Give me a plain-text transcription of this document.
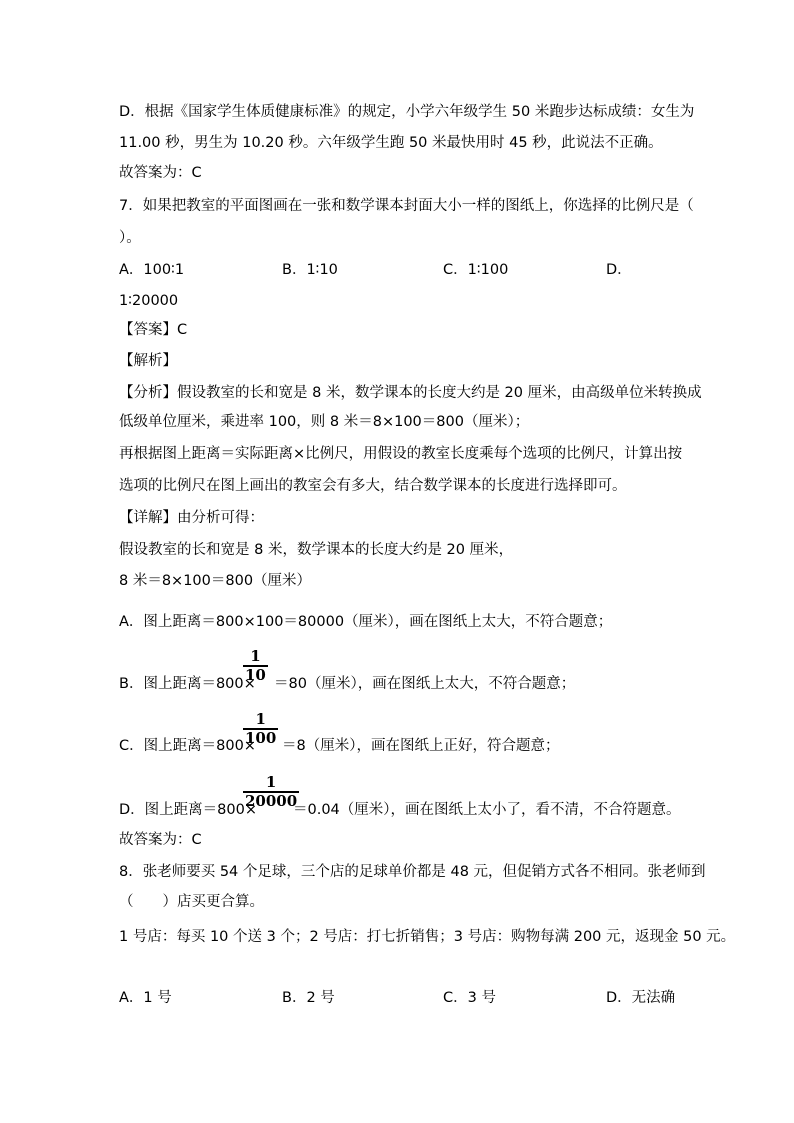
D．根据《国家学生体质健康标准》的规定，小学六年级学生 50 米跑步达标成绩：女生为
11.00 秒，男生为 10.20 秒。六年级学生跑 50 米最快用时 45 秒，此说法不正确。
故答案为：C
7．如果把教室的平面图画在一张和数学课本封面大小一样的图纸上，你选择的比例尺是（
）。
A．100∶1	B．1∶10	C．1∶100	D．
1∶20000
【答案】C
【解析】
【分析】假设教室的长和宽是 8 米，数学课本的长度大约是 20 厘米，由高级单位米转换成
低级单位厘米，乘进率 100，则 8 米＝8×100＝800（厘米）；
再根据图上距离＝实际距离×比例尺，用假设的教室长度乘每个选项的比例尺，计算出按
选项的比例尺在图上画出的教室会有多大，结合数学课本的长度进行选择即可。
【详解】由分析可得：
假设教室的长和宽是 8 米，数学课本的长度大约是 20 厘米，
8 米＝8×100＝800（厘米）
A．图上距离＝800×100＝80000（厘米），画在图纸上太大，不符合题意；
B．图上距离＝800×
1
10
＝80（厘米），画在图纸上太大，不符合题意；
C．图上距离＝800×
1
100 ＝8（厘米），画在图纸上正好，符合题意；
D．图上距离＝800×
1
20000
＝0.04（厘米），画在图纸上太小了，看不清，不合符题意。
故答案为：C
8．张老师要买 54 个足球，三个店的足球单价都是 48 元，但促销方式各不相同。张老师到
（　　）店买更合算。
1 号店：每买 10 个送 3 个；2 号店：打七折销售；3 号店：购物每满 200 元，返现金 50 元。
A．1 号	B．2 号	C．3 号	D．无法确
